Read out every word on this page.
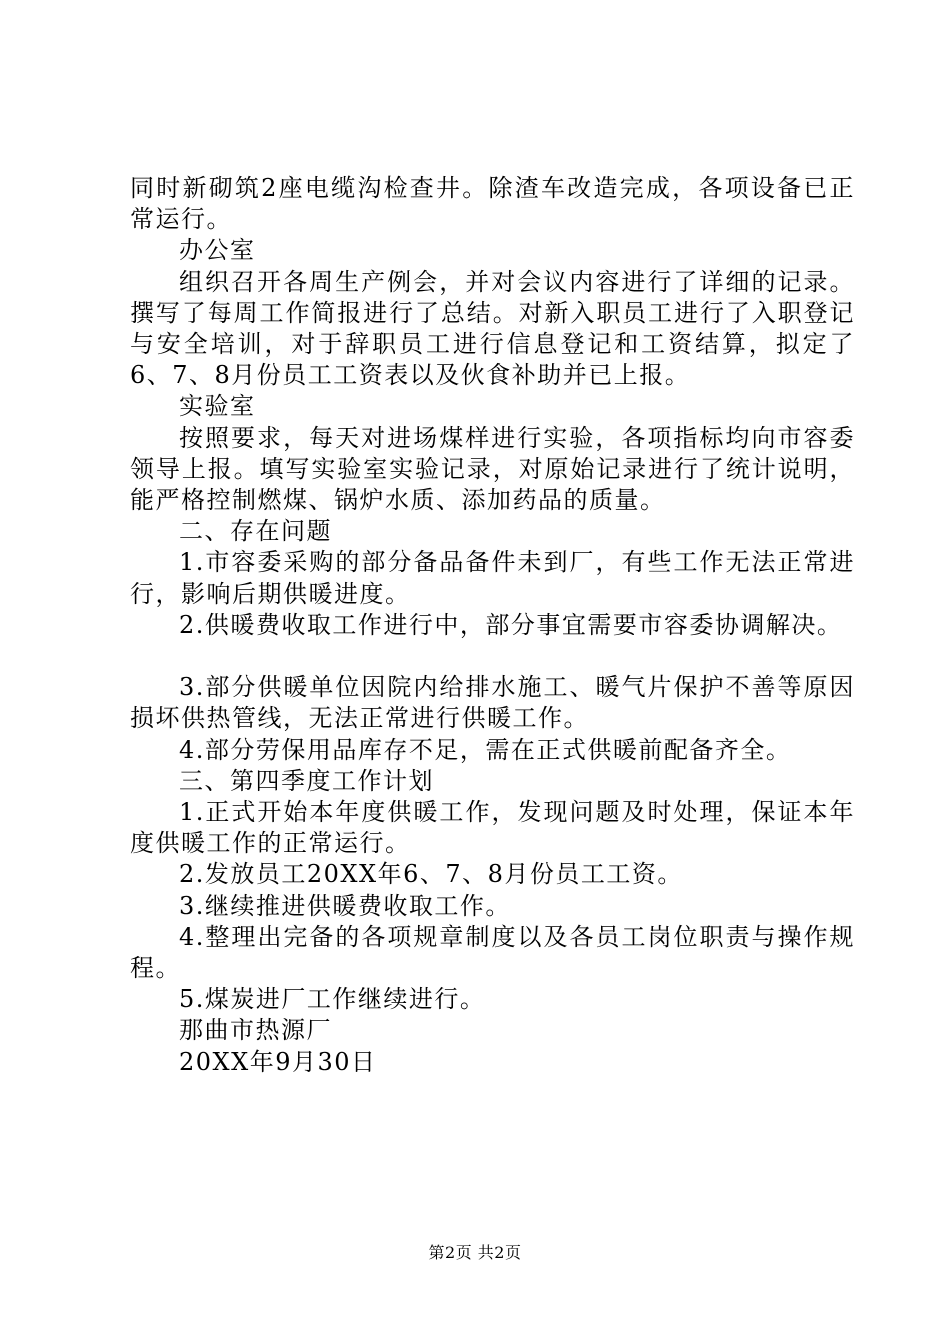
同时新砌筑2座电缆沟检查井。除渣车改造完成，各项设备已正常运行。

办公室

组织召开各周生产例会，并对会议内容进行了详细的记录。撰写了每周工作简报进行了总结。对新入职员工进行了入职登记与安全培训，对于辞职员工进行信息登记和工资结算，拟定了6、7、8月份员工工资表以及伙食补助并已上报。

实验室

按照要求，每天对进场煤样进行实验，各项指标均向市容委领导上报。填写实验室实验记录，对原始记录进行了统计说明，能严格控制燃煤、锅炉水质、添加药品的质量。

二、存在问题

1.市容委采购的部分备品备件未到厂，有些工作无法正常进行，影响后期供暖进度。

2.供暖费收取工作进行中，部分事宜需要市容委协调解决。

3.部分供暖单位因院内给排水施工、暖气片保护不善等原因损坏供热管线，无法正常进行供暖工作。

4.部分劳保用品库存不足，需在正式供暖前配备齐全。

三、第四季度工作计划

1.正式开始本年度供暖工作，发现问题及时处理，保证本年度供暖工作的正常运行。

2.发放员工20XX年6、7、8月份员工工资。

3.继续推进供暖费收取工作。

4.整理出完备的各项规章制度以及各员工岗位职责与操作规程。

5.煤炭进厂工作继续进行。

那曲市热源厂

20XX年9月30日

第2页 共2页
